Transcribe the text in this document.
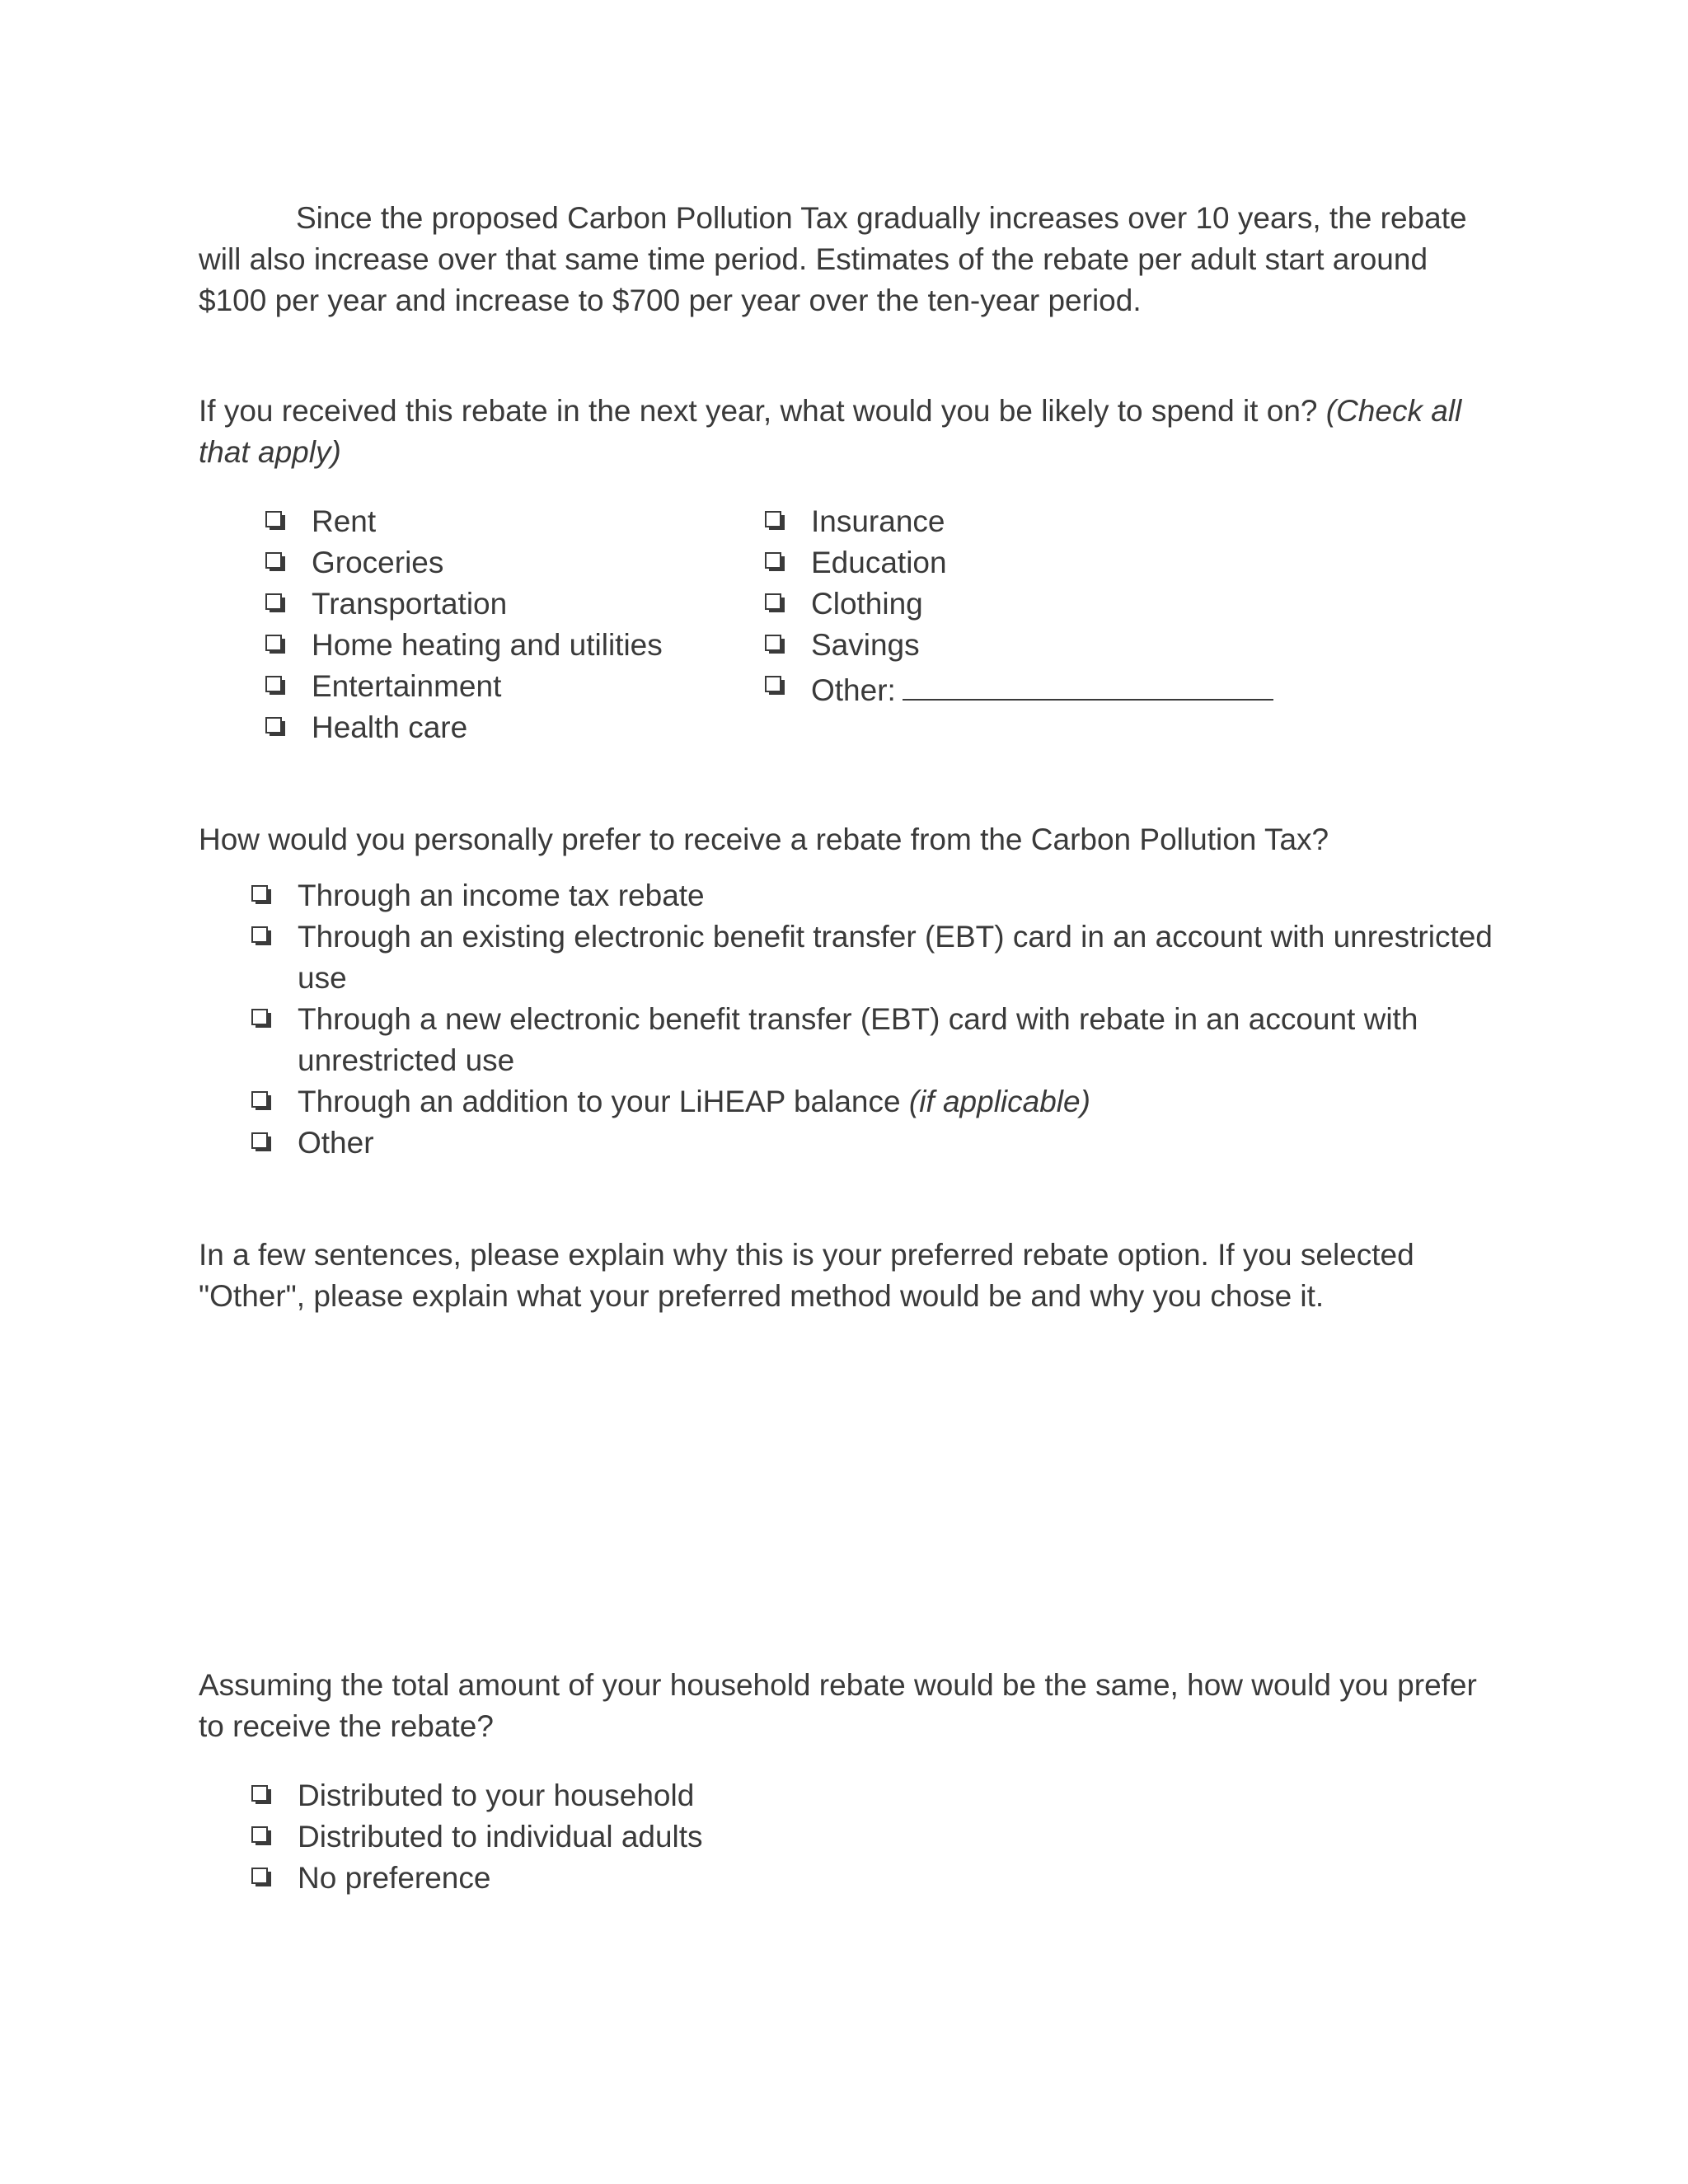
Since the proposed Carbon Pollution Tax gradually increases over 10 years, the rebate will also increase over that same time period. Estimates of the rebate per adult start around $100 per year and increase to $700 per year over the ten-year period.

If you received this rebate in the next year, what would you be likely to spend it on? (Check all that apply)

Rent
Groceries
Transportation
Home heating and utilities
Entertainment
Health care
Insurance
Education
Clothing
Savings
Other:

How would you personally prefer to receive a rebate from the Carbon Pollution Tax?

Through an income tax rebate
Through an existing electronic benefit transfer (EBT) card in an account with unrestricted use
Through a new electronic benefit transfer (EBT) card with rebate in an account with unrestricted use
Through an addition to your LiHEAP balance (if applicable)
Other

In a few sentences, please explain why this is your preferred rebate option. If you selected "Other", please explain what your preferred method would be and why you chose it.

Assuming the total amount of your household rebate would be the same, how would you prefer to receive the rebate?

Distributed to your household
Distributed to individual adults
No preference
